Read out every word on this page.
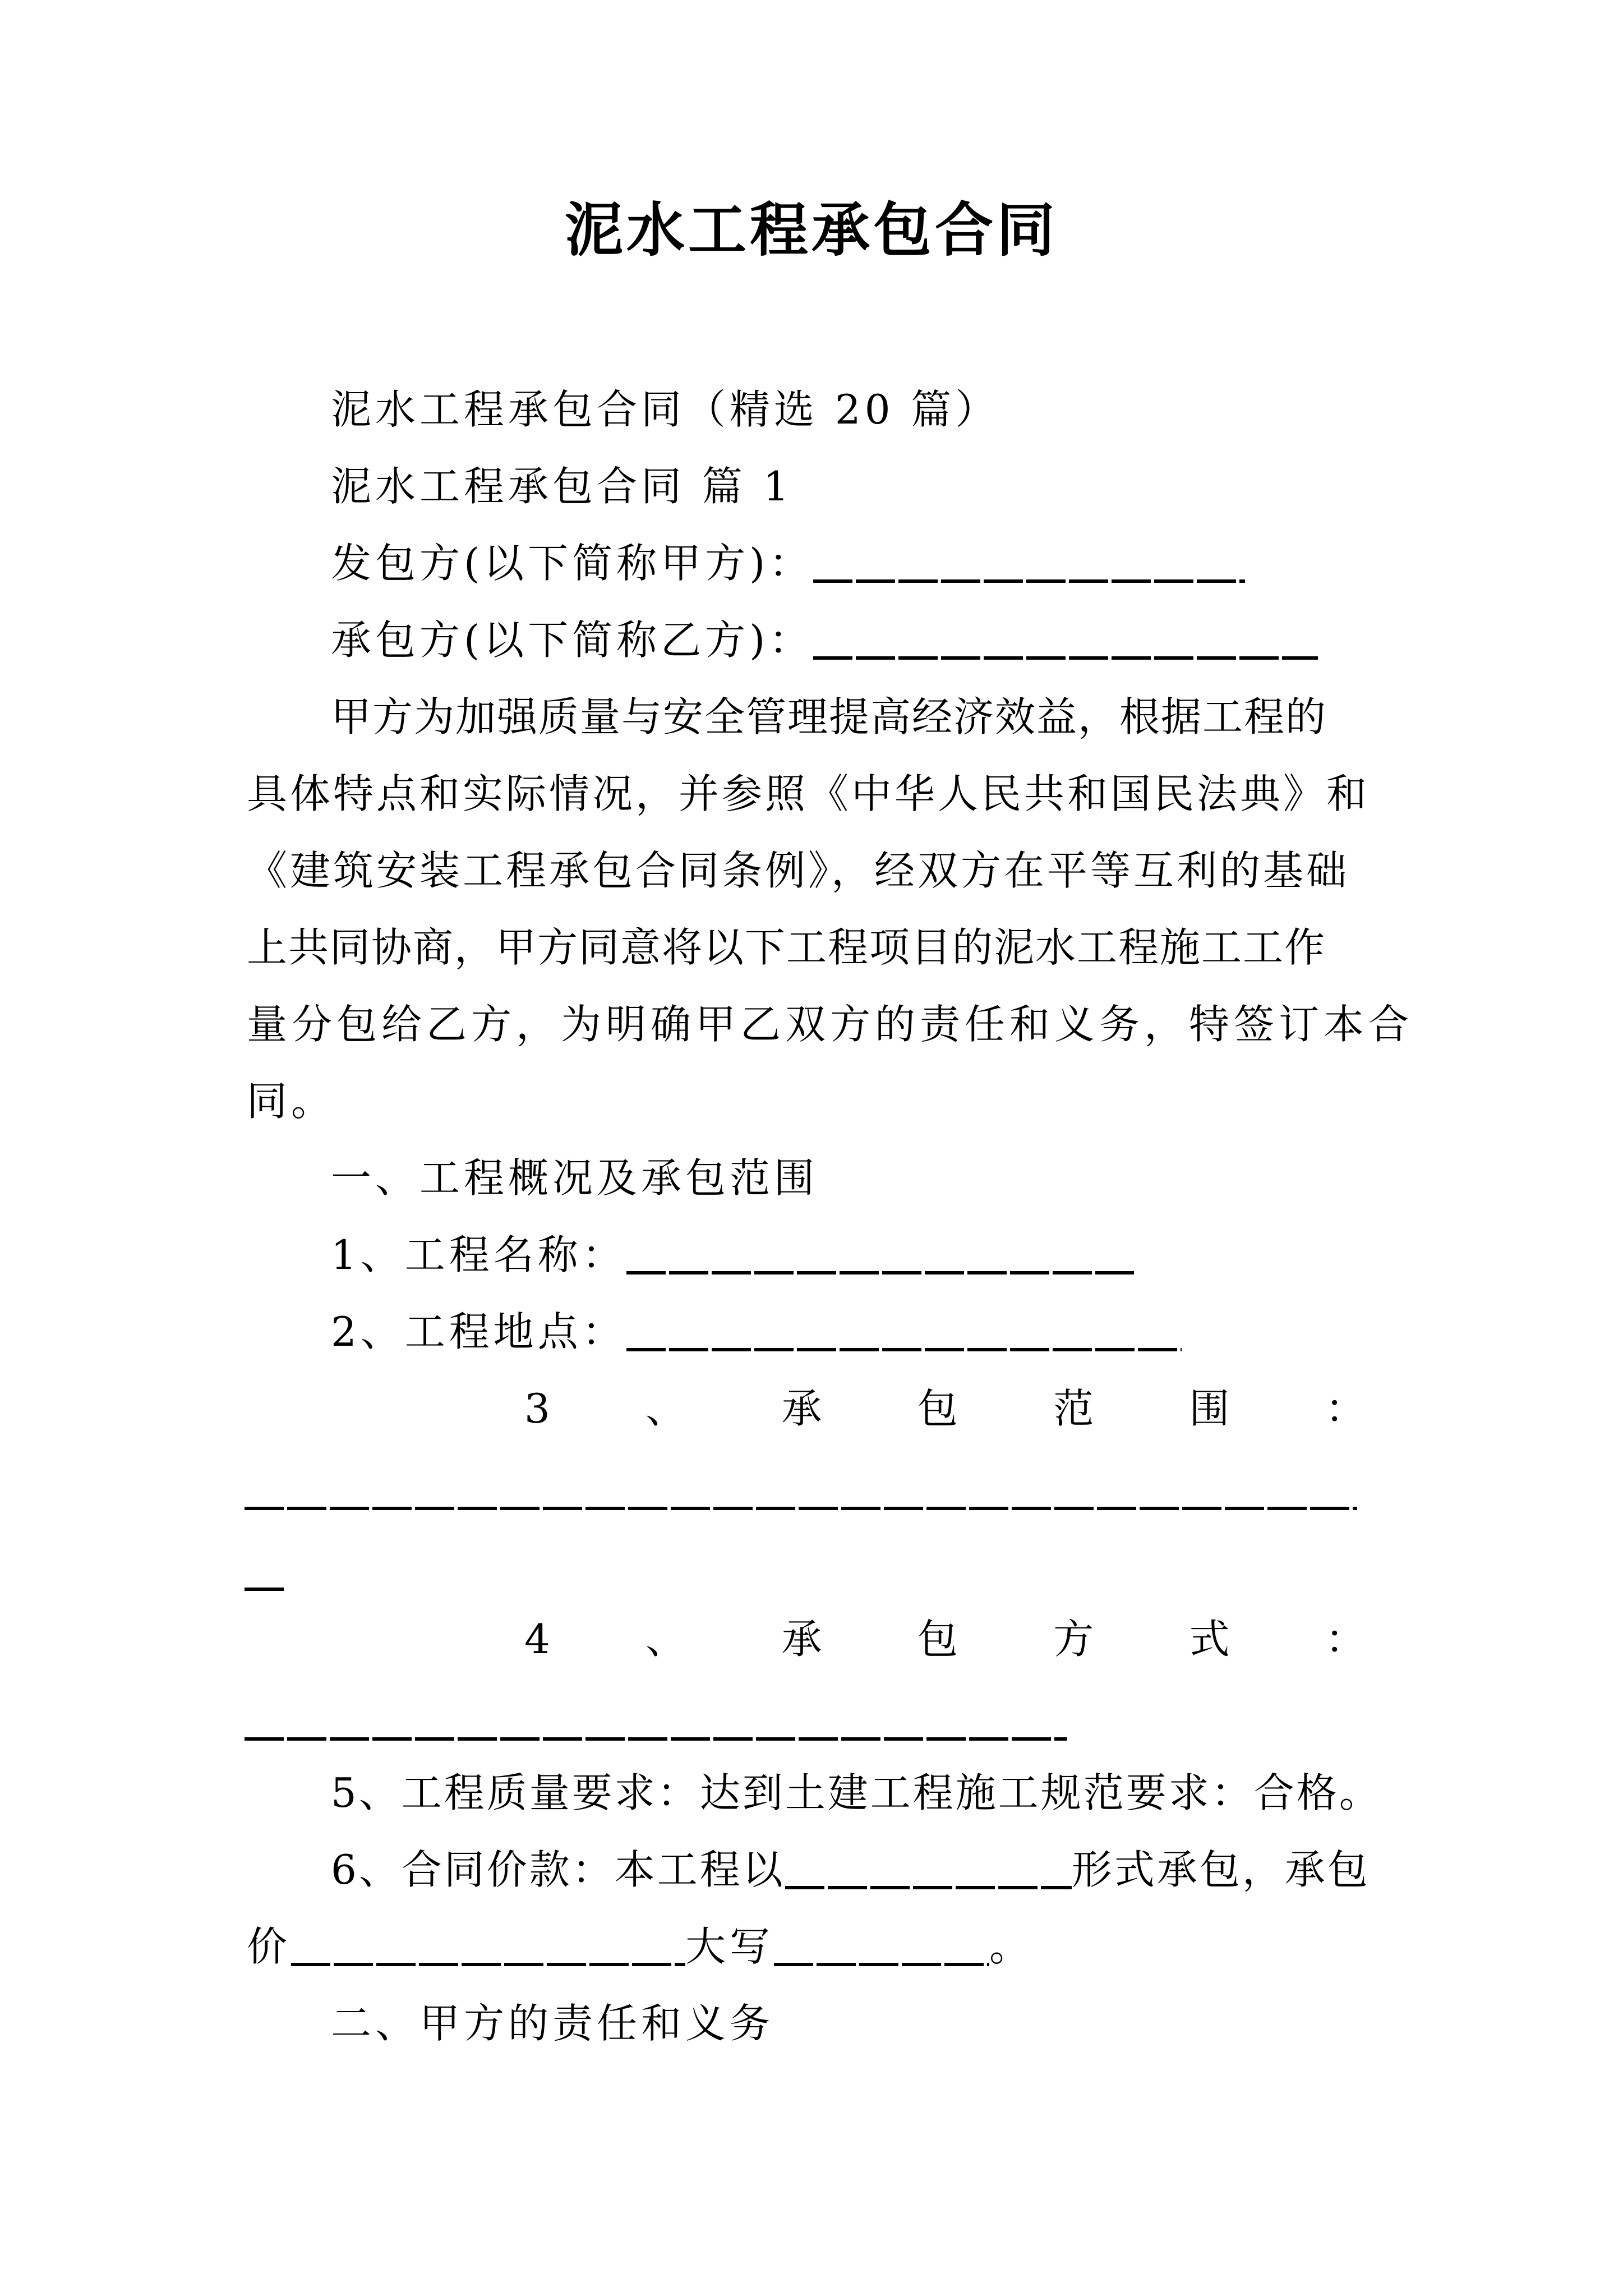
泥水工程承包合同
泥水工程承包合同（精选 20 篇）
泥水工程承包合同 篇 1
发包方(以下简称甲方)：
承包方(以下简称乙方)：
甲方为加强质量与安全管理提高经济效益，根据工程的
具体特点和实际情况，并参照《中华人民共和国民法典》和
《建筑安装工程承包合同条例》，经双方在平等互利的基础
上共同协商，甲方同意将以下工程项目的泥水工程施工工作
量分包给乙方，为明确甲乙双方的责任和义务，特签订本合
同。
一、工程概况及承包范围
1、工程名称：
2、工程地点：
3 、 承 包 范 围 ：
4 、 承 包 方 式 ：
5、工程质量要求：达到土建工程施工规范要求：合格。
6、合同价款：本工程以	形式承包，承包
价	大写	。
二、甲方的责任和义务
